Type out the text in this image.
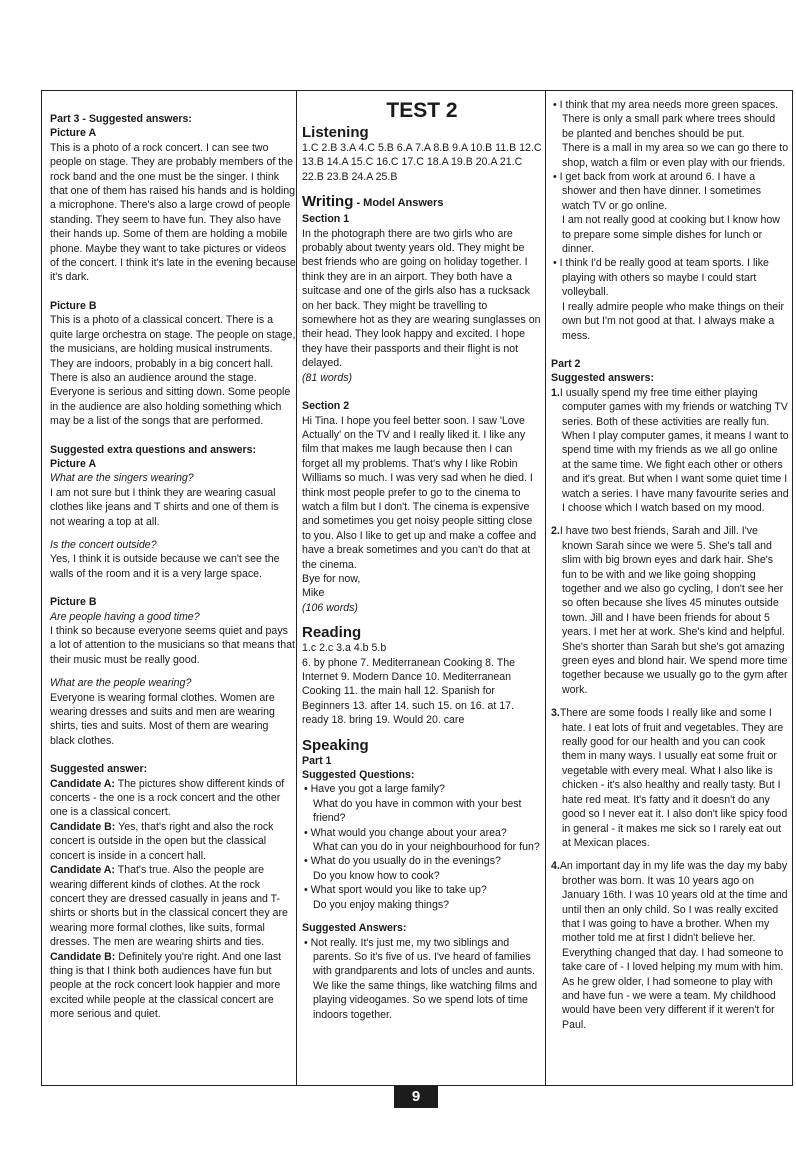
Part 3 - Suggested answers:
Picture A

This is a photo of a rock concert. I can see two people on stage. They are probably members of the rock band and the one must be the singer. I think that one of them has raised his hands and is holding a microphone. There's also a large crowd of people standing. They seem to have fun. They also have their hands up. Some of them are holding a mobile phone. Maybe they want to take pictures or videos of the concert. I think it's late in the evening because it's dark.

Picture B

This is a photo of a classical concert. There is a quite large orchestra on stage. The people on stage, the musicians, are holding musical instruments. They are indoors, probably in a big concert hall. There is also an audience around the stage. Everyone is serious and sitting down. Some people in the audience are also holding something which may be a list of the songs that are performed.

Suggested extra questions and answers:
Picture A

What are the singers wearing?

I am not sure but I think they are wearing casual clothes like jeans and T shirts and one of them is not wearing a top at all.

Is the concert outside?

Yes, I think it is outside because we can't see the walls of the room and it is a very large space.

Picture B

Are people having a good time?

I think so because everyone seems quiet and pays a lot of attention to the musicians so that means that their music must be really good.

What are the people wearing?

Everyone is wearing formal clothes. Women are wearing dresses and suits and men are wearing shirts, ties and suits. Most of them are wearing black clothes.

Suggested answer:

Candidate A: The pictures show different kinds of concerts - the one is a rock concert and the other one is a classical concert.

Candidate B: Yes, that's right and also the rock concert is outside in the open but the classical concert is inside in a concert hall.

Candidate A: That's true. Also the people are wearing different kinds of clothes. At the rock concert they are dressed casually in jeans and T- shirts or shorts but in the classical concert they are wearing more formal clothes, like suits, formal dresses. The men are wearing shirts and ties.

Candidate B: Definitely you're right. And one last thing is that I think both audiences have fun but people at the rock concert look happier and more excited while people at the classical concert are more serious and quiet.

TEST 2
Listening

1.C 2.B 3.A 4.C 5.B 6.A 7.A 8.B 9.A 10.B 11.B 12.C 13.B 14.A 15.C 16.C 17.C 18.A 19.B 20.A 21.C 22.B 23.B 24.A 25.B

Writing - Model Answers
Section 1

In the photograph there are two girls who are probably about twenty years old. They might be best friends who are going on holiday together. I think they are in an airport. They both have a suitcase and one of the girls also has a rucksack on her back. They might be travelling to somewhere hot as they are wearing sunglasses on their head. They look happy and excited. I hope they have their passports and their flight is not delayed.

(81 words)

Section 2

Hi Tina. I hope you feel better soon. I saw 'Love Actually' on the TV and I really liked it. I like any film that makes me laugh because then I can forget all my problems. That's why I like Robin Williams so much. I was very sad when he died. I think most people prefer to go to the cinema to watch a film but I don't. The cinema is expensive and sometimes you get noisy people sitting close to you. Also I like to get up and make a coffee and have a break sometimes and you can't do that at the cinema.

Bye for now,

Mike

(106 words)

Reading

1.c 2.c 3.a 4.b 5.b

6. by phone 7. Mediterranean Cooking 8. The Internet 9. Modern Dance 10. Mediterranean Cooking 11. the main hall 12. Spanish for Beginners 13. after 14. such 15. on 16. at 17. ready 18. bring 19. Would 20. care

Speaking
Part 1
Suggested Questions:
• Have you got a large family?
What do you have in common with your best friend?
• What would you change about your area?
What can you do in your neighbourhood for fun?
• What do you usually do in the evenings?
Do you know how to cook?
• What sport would you like to take up?
Do you enjoy making things?
Suggested Answers:
• Not really. It's just me, my two siblings and parents. So it's five of us. I've heard of families with grandparents and lots of uncles and aunts.
We like the same things, like watching films and playing videogames. So we spend lots of time indoors together.
• I think that my area needs more green spaces. There is only a small park where trees should be planted and benches should be put.
There is a mall in my area so we can go there to shop, watch a film or even play with our friends.
• I get back from work at around 6. I have a shower and then have dinner. I sometimes watch TV or go online.
I am not really good at cooking but I know how to prepare some simple dishes for lunch or dinner.
• I think I'd be really good at team sports. I like playing with others so maybe I could start volleyball.
I really admire people who make things on their own but I'm not good at that. I always make a mess.
Part 2
Suggested answers:
1.I usually spend my free time either playing computer games with my friends or watching TV series. Both of these activities are really fun. When I play computer games, it means I want to spend time with my friends as we all go online at the same time. We fight each other or others and it's great. But when I want some quiet time I watch a series. I have many favourite series and I choose which I watch based on my mood.
2.I have two best friends, Sarah and Jill. I've known Sarah since we were 5. She's tall and slim with big brown eyes and dark hair. She's fun to be with and we like going shopping together and we also go cycling, I don't see her so often because she lives 45 minutes outside town. Jill and I have been friends for about 5 years. I met her at work. She's kind and helpful. She's shorter than Sarah but she's got amazing green eyes and blond hair. We spend more time together because we usually go to the gym after work.
3.There are some foods I really like and some I hate. I eat lots of fruit and vegetables. They are really good for our health and you can cook them in many ways. I usually eat some fruit or vegetable with every meal. What I also like is chicken - it's also healthy and really tasty. But I hate red meat. It's fatty and it doesn't do any good so I never eat it. I also don't like spicy food in general - it makes me sick so I rarely eat out at Mexican places.
4.An important day in my life was the day my baby brother was born. It was 10 years ago on January 16th. I was 10 years old at the time and until then an only child. So I was really excited that I was going to have a brother. When my mother told me at first I didn't believe her. Everything changed that day. I had someone to take care of - I loved helping my mum with him. As he grew older, I had someone to play with and have fun - we were a team. My childhood would have been very different if it weren't for Paul.
9
